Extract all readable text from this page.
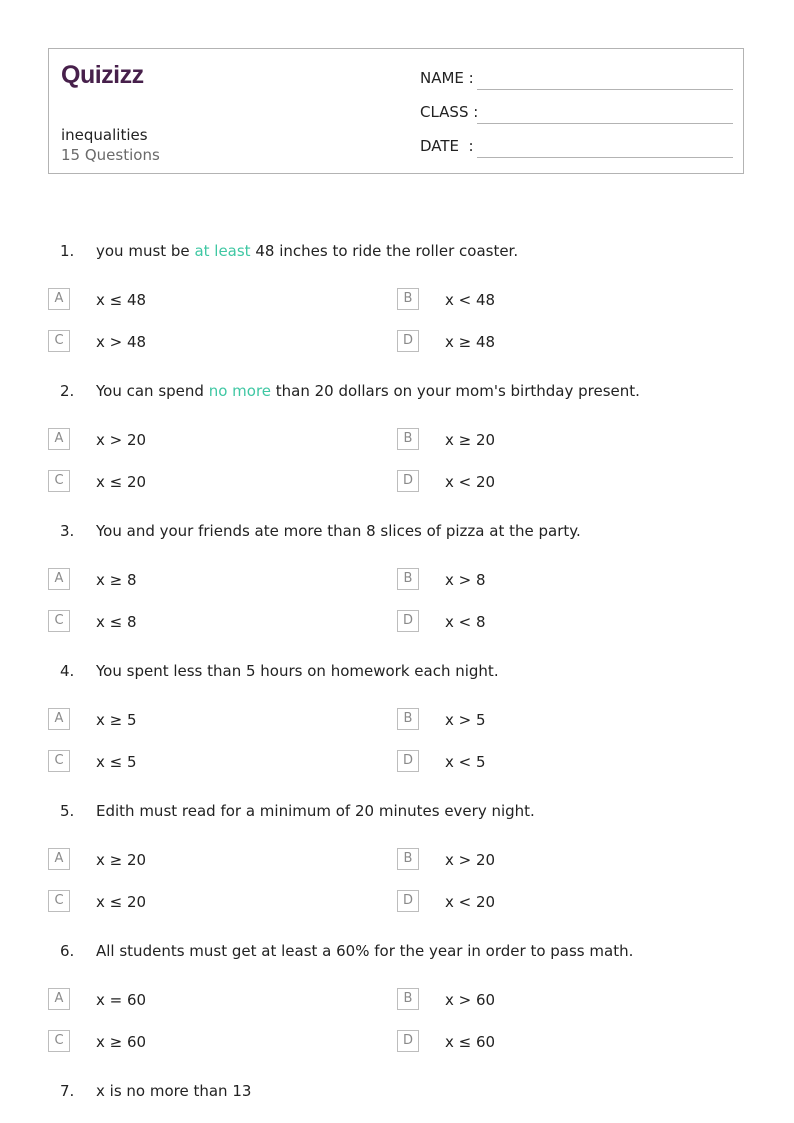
Quizizz
inequalities
15 Questions
NAME :
CLASS :
DATE  :
1. you must be at least 48 inches to ride the roller coaster.
A	x ≤ 48	B	x < 48
C	x > 48	D	x ≥ 48
2. You can spend no more than 20 dollars on your mom's birthday present.
A	x > 20	B	x ≥ 20
C	x ≤ 20	D	x < 20
3. You and your friends ate more than 8 slices of pizza at the party.
A	x ≥ 8	B	x > 8
C	x ≤ 8	D	x < 8
4. You spent less than 5 hours on homework each night.
A	x ≥ 5	B	x > 5
C	x ≤ 5	D	x < 5
5. Edith must read for a minimum of 20 minutes every night.
A	x ≥ 20	B	x > 20
C	x ≤ 20	D	x < 20
6. All students must get at least a 60% for the year in order to pass math.
A	x = 60	B	x > 60
C	x ≥ 60	D	x ≤ 60
7. x is no more than 13
